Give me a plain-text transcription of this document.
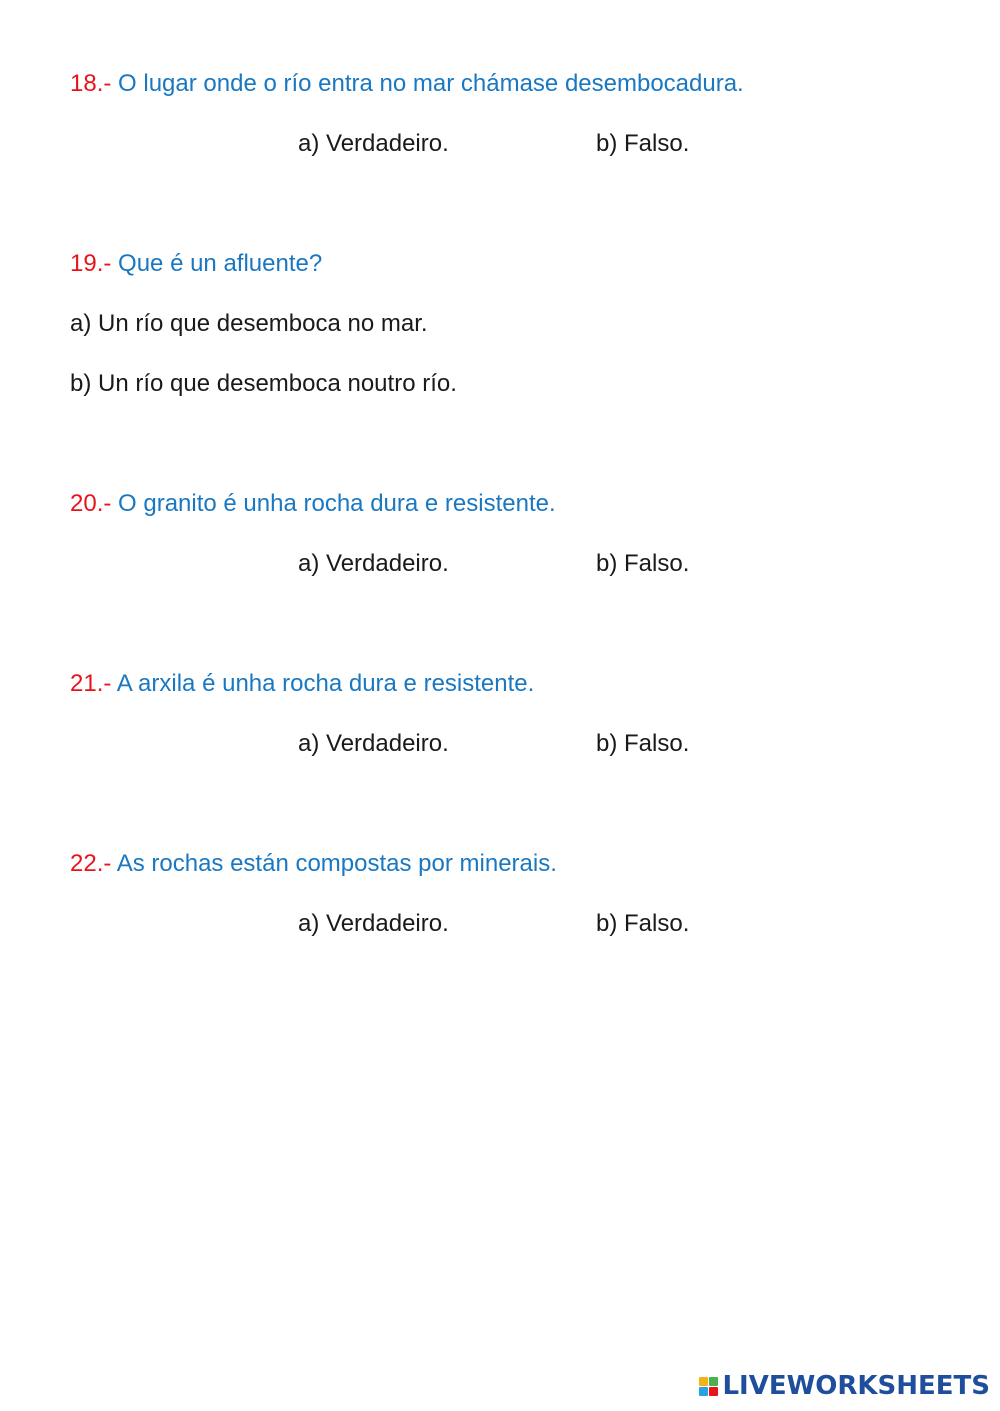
18.- O lugar onde o río entra no mar chámase desembocadura.
a) Verdadeiro.	b) Falso.
19.- Que é un afluente?
a) Un río que desemboca no mar.
b) Un río que desemboca noutro río.
20.- O granito é unha rocha dura e resistente.
a) Verdadeiro.	b) Falso.
21.- A arxila é unha rocha dura e resistente.
a) Verdadeiro.	b) Falso.
22.- As rochas están compostas por minerais.
a) Verdadeiro.	b) Falso.
LIVEWORKSHEETS
